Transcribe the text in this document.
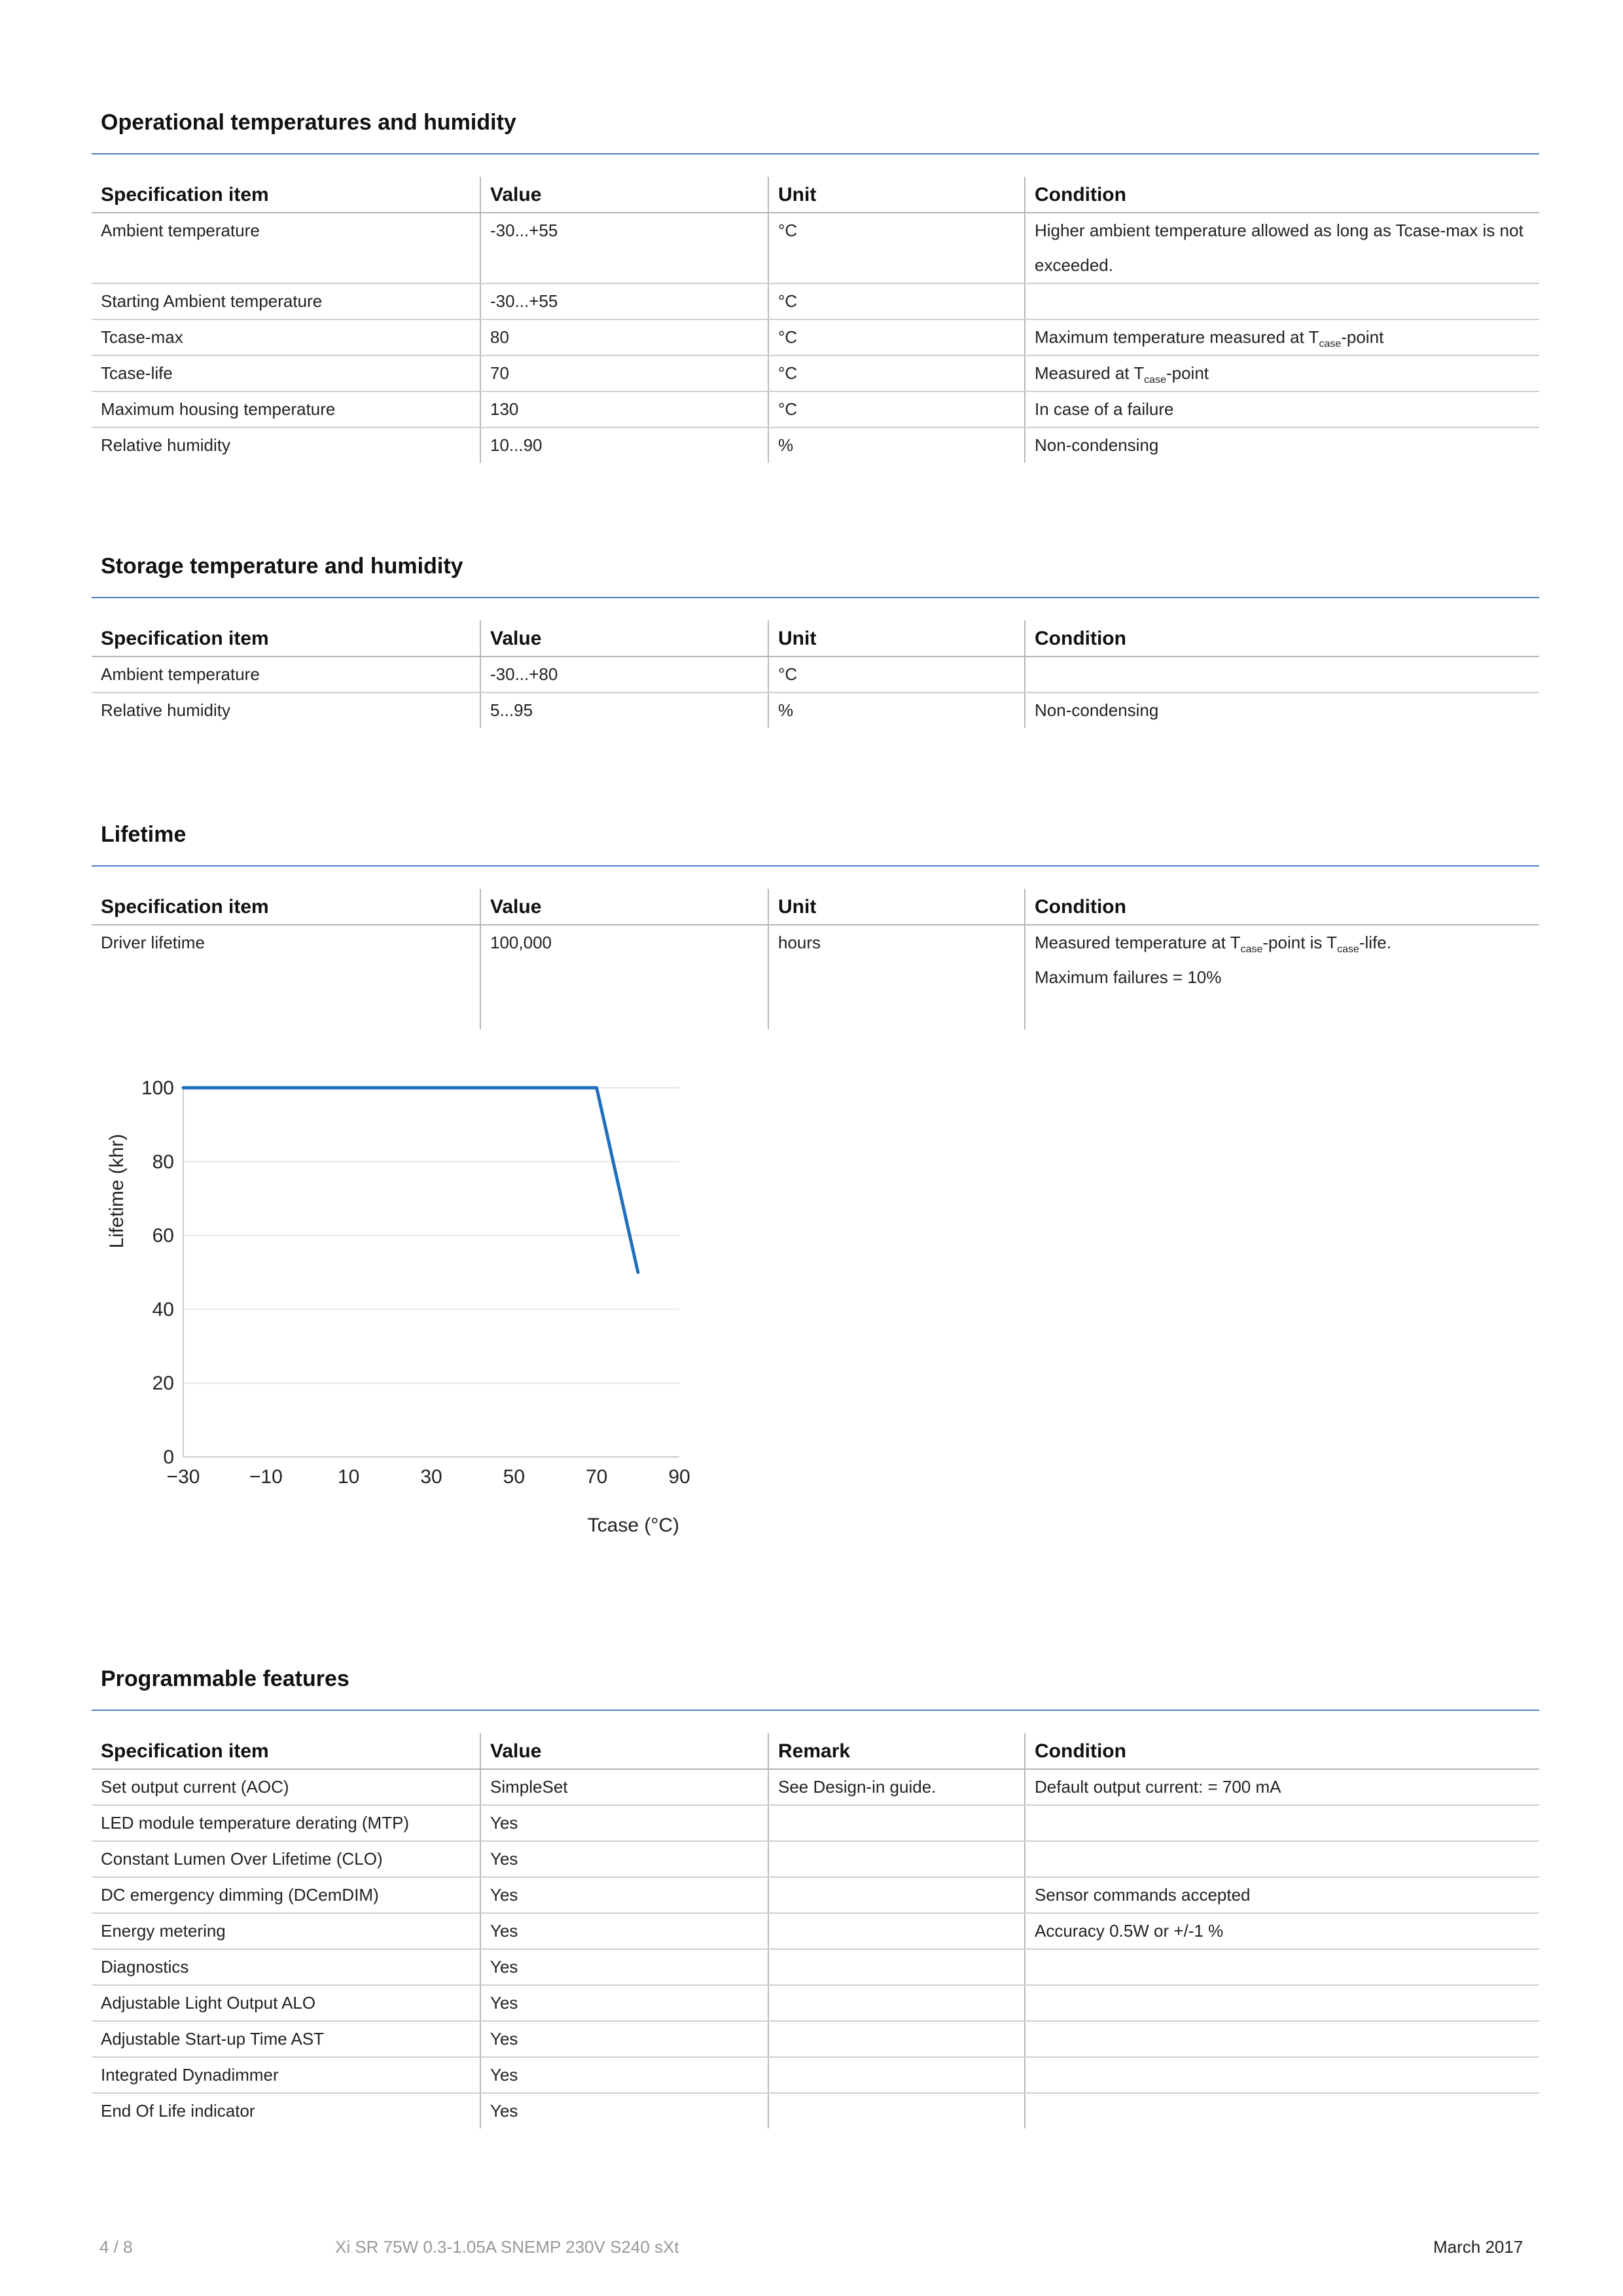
Operational temperatures and humidity
Specification item	Value	Unit	Condition
Ambient temperature	-30...+55	°C	Higher ambient temperature allowed as long as Tcase-max is not exceeded.
Starting Ambient temperature	-30...+55	°C	
Tcase-max	80	°C	Maximum temperature measured at $T_{case}$-point
Tcase-life	70	°C	Measured at $T_{case}$-point
Maximum housing temperature	130	°C	In case of a failure
Relative humidity	10...90	%	Non-condensing
Storage temperature and humidity
Specification item	Value	Unit	Condition
Ambient temperature	-30...+80	°C	
Relative humidity	5...95	%	Non-condensing
Lifetime
Specification item	Value	Unit	Condition
Driver lifetime	100,000	hours	Measured temperature at $T_{case}$-point is $T_{case}$-life.
Maximum failures = 10%
0
20
40
60
80
100
−30	−10	10	30	50	70	90
Tcase (°C)
Lifetime (khr)
Programmable features
Specification item	Value	Remark	Condition
Set output current (AOC)	SimpleSet	See Design-in guide.	Default output current: = 700 mA
LED module temperature derating (MTP)	Yes		
Constant Lumen Over Lifetime (CLO)	Yes		
DC emergency dimming (DCemDIM)	Yes		Sensor commands accepted
Energy metering	Yes		Accuracy 0.5W or +/-1 %
Diagnostics	Yes		
Adjustable Light Output ALO	Yes		
Adjustable Start-up Time AST	Yes		
Integrated Dynadimmer	Yes		
End Of Life indicator	Yes		
4 / 8	Xi SR 75W 0.3-1.05A SNEMP 230V S240 sXt	March 2017
